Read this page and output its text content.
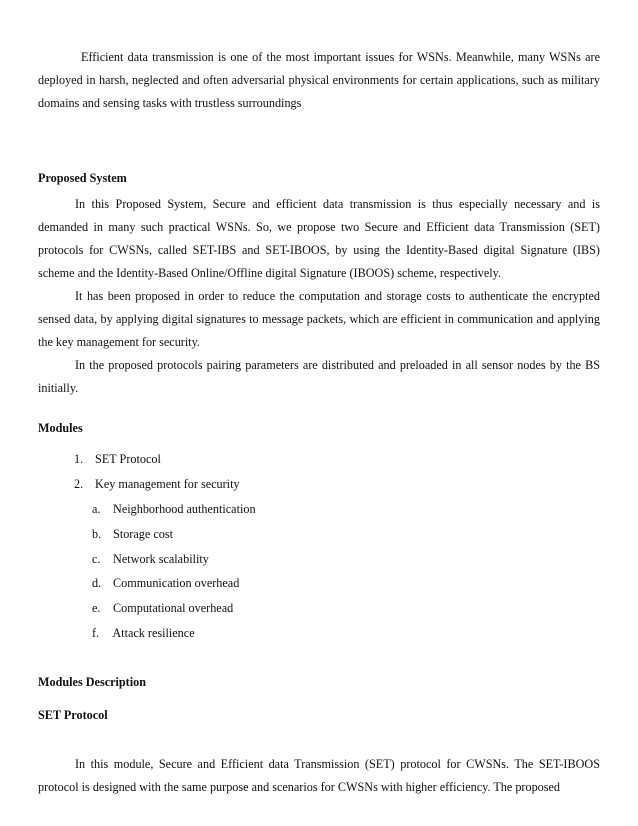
Efficient data transmission is one of the most important issues for WSNs. Meanwhile, many WSNs are deployed in harsh, neglected and often adversarial physical environments for certain applications, such as military domains and sensing tasks with trustless surroundings

Proposed System

In this Proposed System, Secure and efficient data transmission is thus especially necessary and is demanded in many such practical WSNs. So, we propose two Secure and Efficient data Transmission (SET) protocols for CWSNs, called SET-IBS and SET-IBOOS, by using the Identity-Based digital Signature (IBS) scheme and the Identity-Based Online/Offline digital Signature (IBOOS) scheme, respectively.

It has been proposed in order to reduce the computation and storage costs to authenticate the encrypted sensed data, by applying digital signatures to message packets, which are efficient in communication and applying the key management for security.

In the proposed protocols pairing parameters are distributed and preloaded in all sensor nodes by the BS initially.

Modules
1. SET Protocol
2. Key management for security
a. Neighborhood authentication
b. Storage cost
c. Network scalability
d. Communication overhead
e. Computational overhead
f. Attack resilience
Modules Description
SET Protocol

In this module, Secure and Efficient data Transmission (SET) protocol for CWSNs. The SET-IBOOS protocol is designed with the same purpose and scenarios for CWSNs with higher efficiency. The proposed
